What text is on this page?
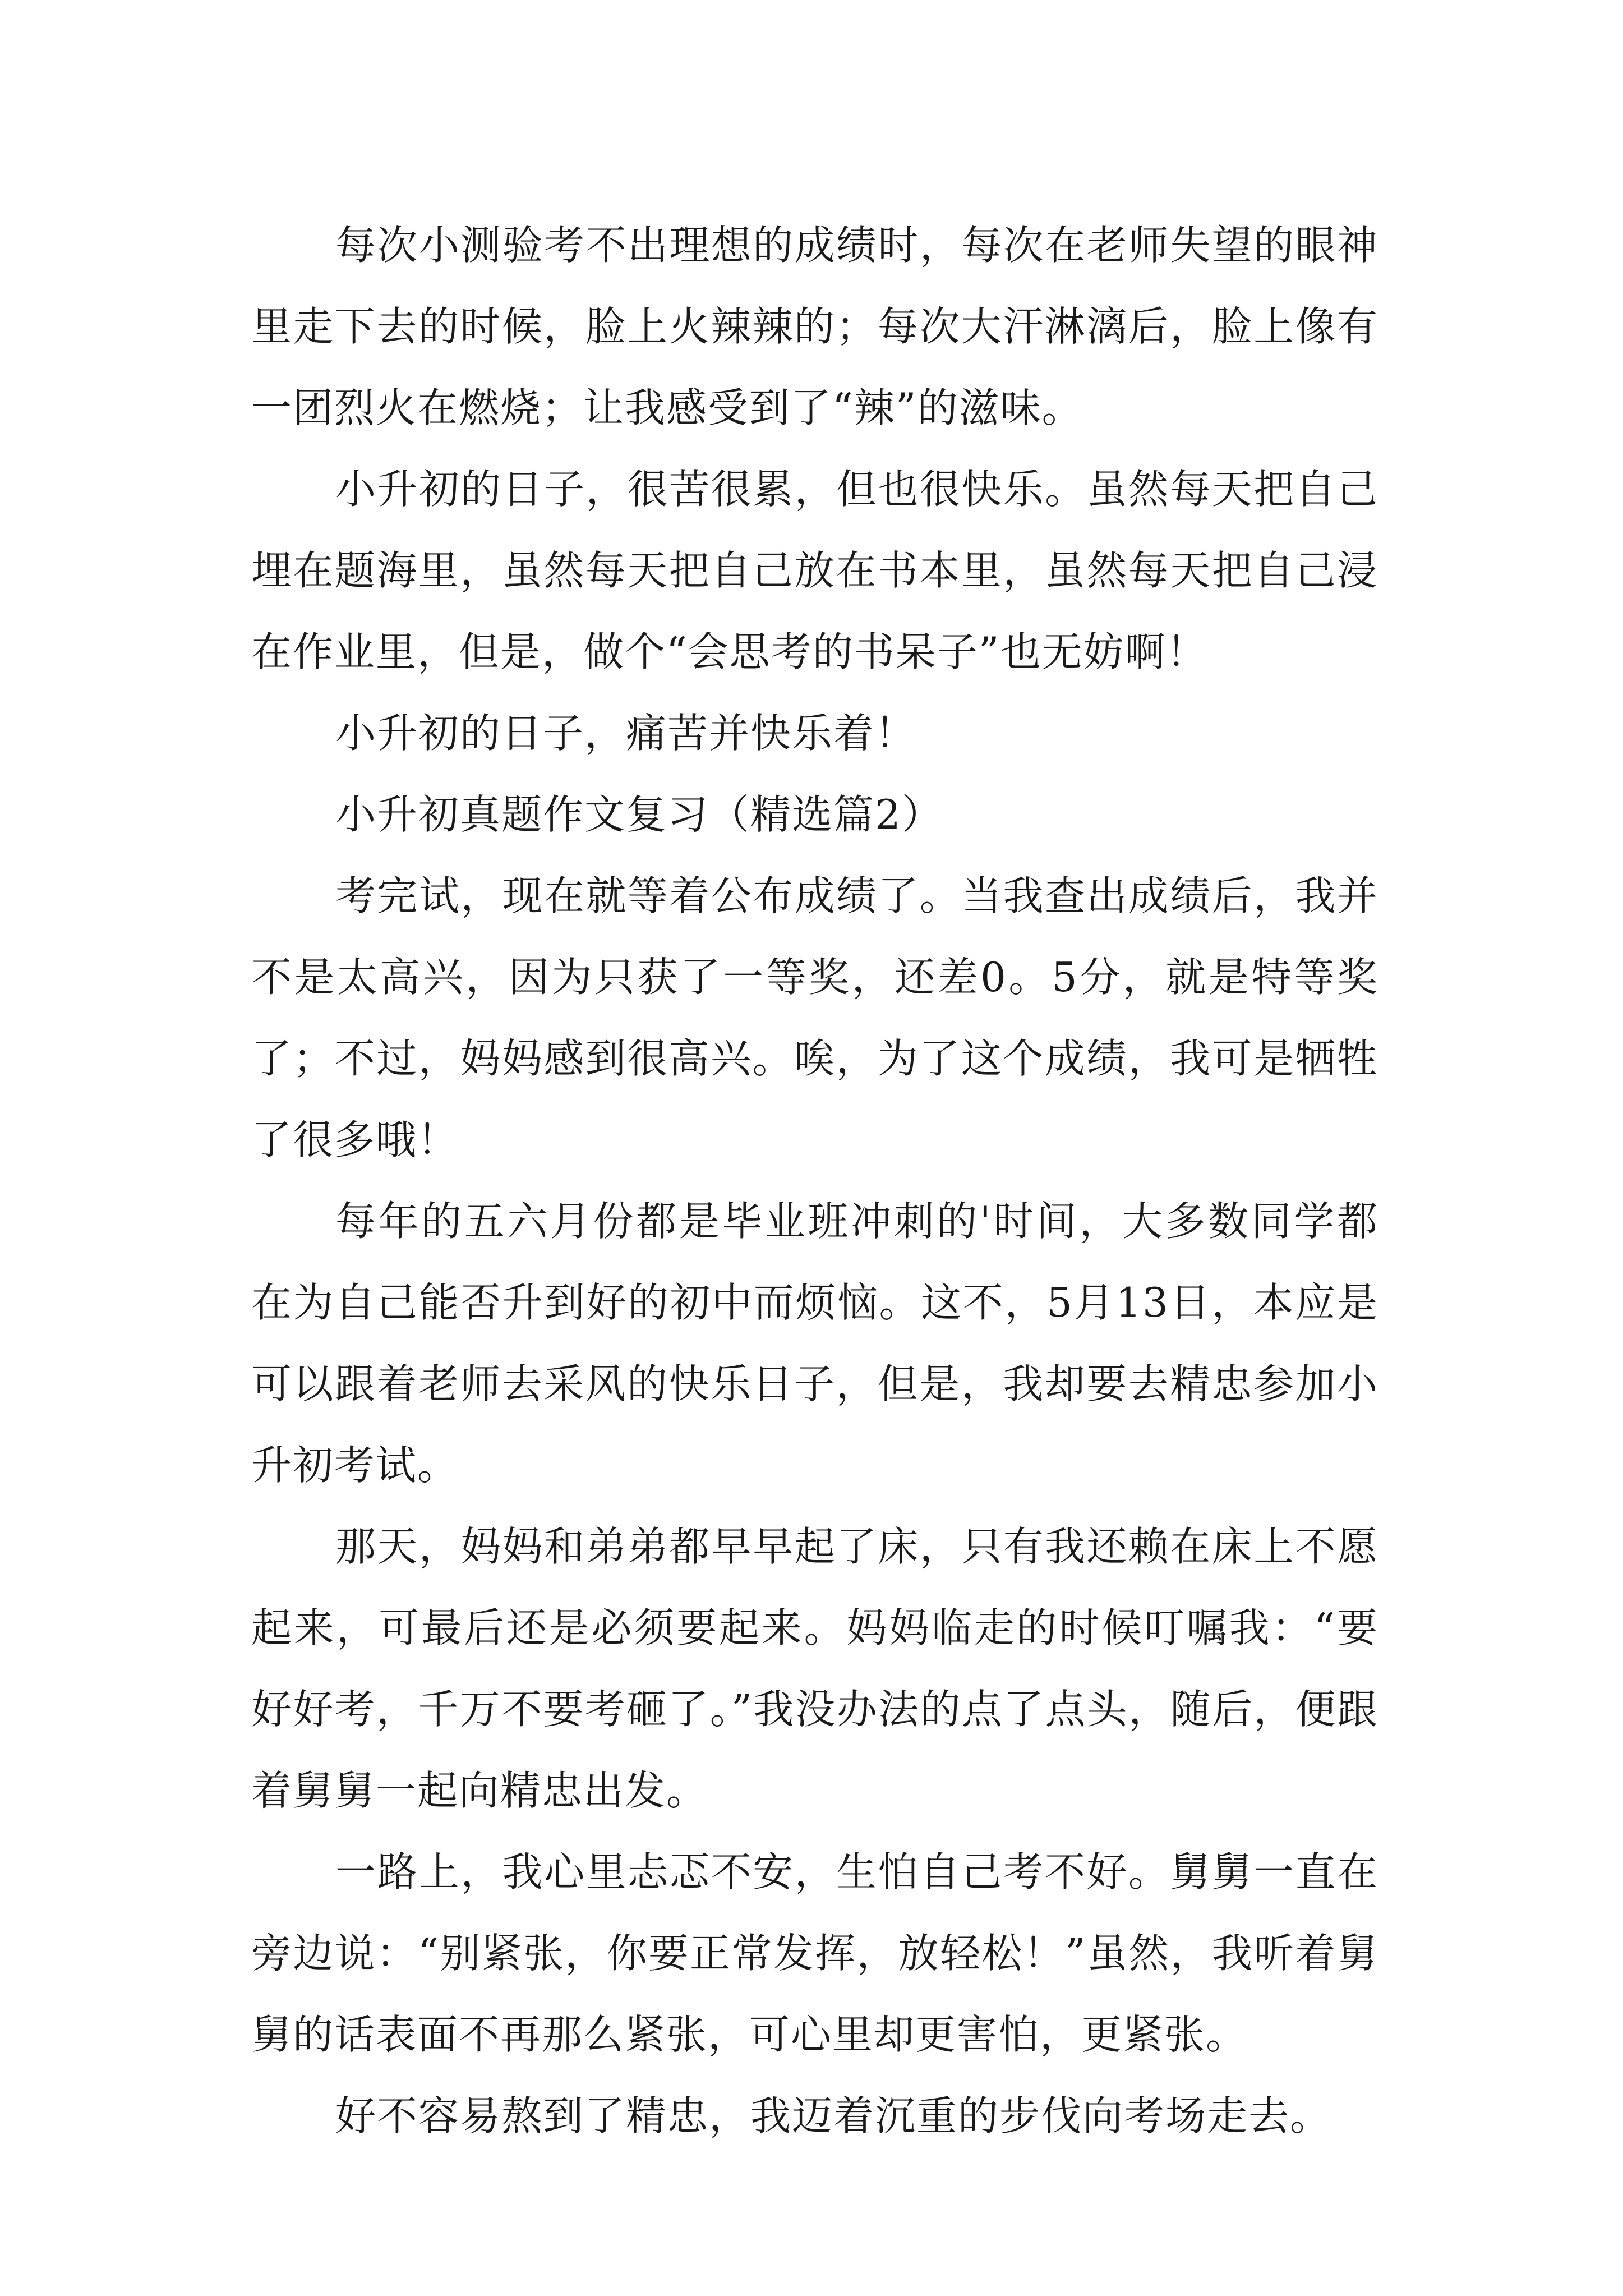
每次小测验考不出理想的成绩时，每次在老师失望的眼神里走下去的时候，脸上火辣辣的；每次大汗淋漓后，脸上像有一团烈火在燃烧；让我感受到了“辣”的滋味。

小升初的日子，很苦很累，但也很快乐。虽然每天把自己埋在题海里，虽然每天把自己放在书本里，虽然每天把自己浸在作业里，但是，做个“会思考的书呆子”也无妨啊！

小升初的日子，痛苦并快乐着！

小升初真题作文复习（精选篇2）

考完试，现在就等着公布成绩了。当我查出成绩后，我并不是太高兴，因为只获了一等奖，还差0。5分，就是特等奖了；不过，妈妈感到很高兴。唉，为了这个成绩，我可是牺牲了很多哦！

每年的五六月份都是毕业班冲刺的'时间，大多数同学都在为自己能否升到好的初中而烦恼。这不，5月13日，本应是可以跟着老师去采风的快乐日子，但是，我却要去精忠参加小升初考试。

那天，妈妈和弟弟都早早起了床，只有我还赖在床上不愿起来，可最后还是必须要起来。妈妈临走的时候叮嘱我：“要好好考，千万不要考砸了。”我没办法的点了点头，随后，便跟着舅舅一起向精忠出发。

一路上，我心里忐忑不安，生怕自己考不好。舅舅一直在旁边说：“别紧张，你要正常发挥，放轻松！”虽然，我听着舅舅的话表面不再那么紧张，可心里却更害怕，更紧张。

好不容易熬到了精忠，我迈着沉重的步伐向考场走去。
